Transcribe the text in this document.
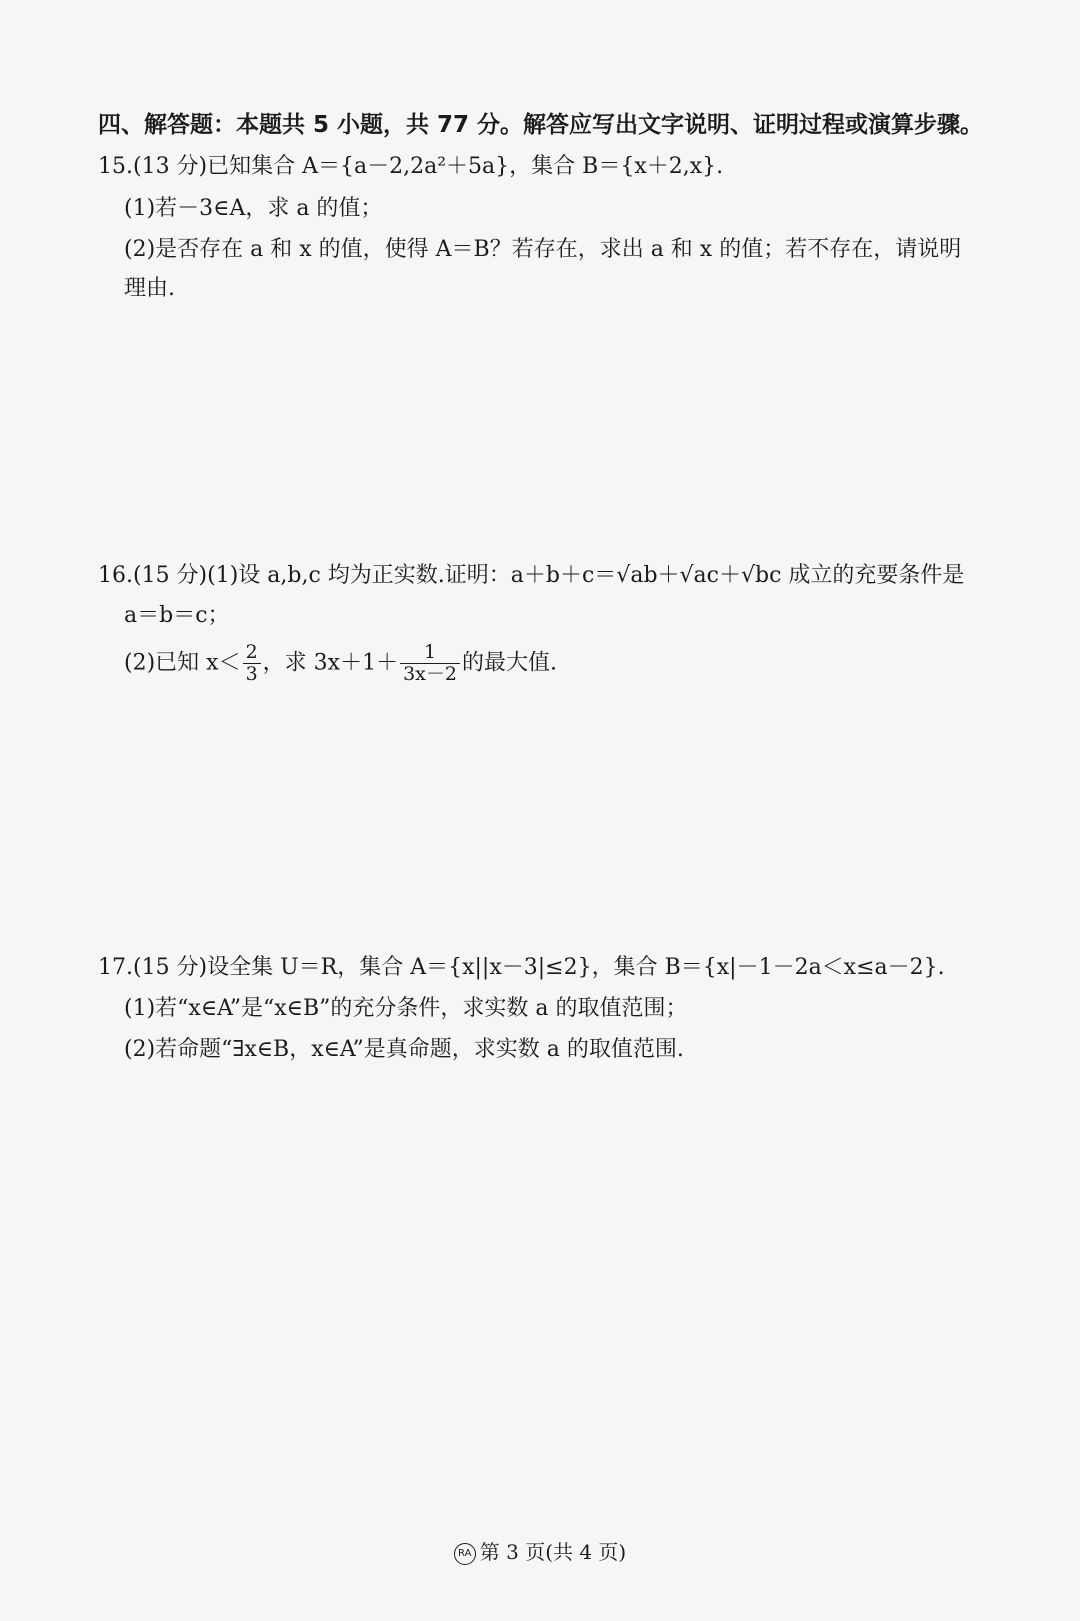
四、解答题：本题共 5 小题，共 77 分。解答应写出文字说明、证明过程或演算步骤。
15.(13 分)已知集合 A＝{a－2,2a²＋5a}，集合 B＝{x＋2,x}.
(1)若－3∈A，求 a 的值；
(2)是否存在 a 和 x 的值，使得 A＝B？若存在，求出 a 和 x 的值；若不存在，请说明
理由.
16.(15 分)(1)设 a,b,c 均为正实数.证明：a＋b＋c＝√ab＋√ac＋√bc 成立的充要条件是
a＝b＝c；
(2)已知 $x< \frac{2}{3}$ ，求 $3x+1+ \frac{1}{3x-2}$ 的最大值.
17.(15 分)设全集 U＝R，集合 A＝{x||x－3|≤2}，集合 B＝{x|－1－2a＜x≤a－2}.
(1)若“x∈A”是“x∈B”的充分条件，求实数 a 的取值范围；
(2)若命题“∃x∈B，x∈A”是真命题，求实数 a 的取值范围.
RA 第 3 页(共 4 页)
